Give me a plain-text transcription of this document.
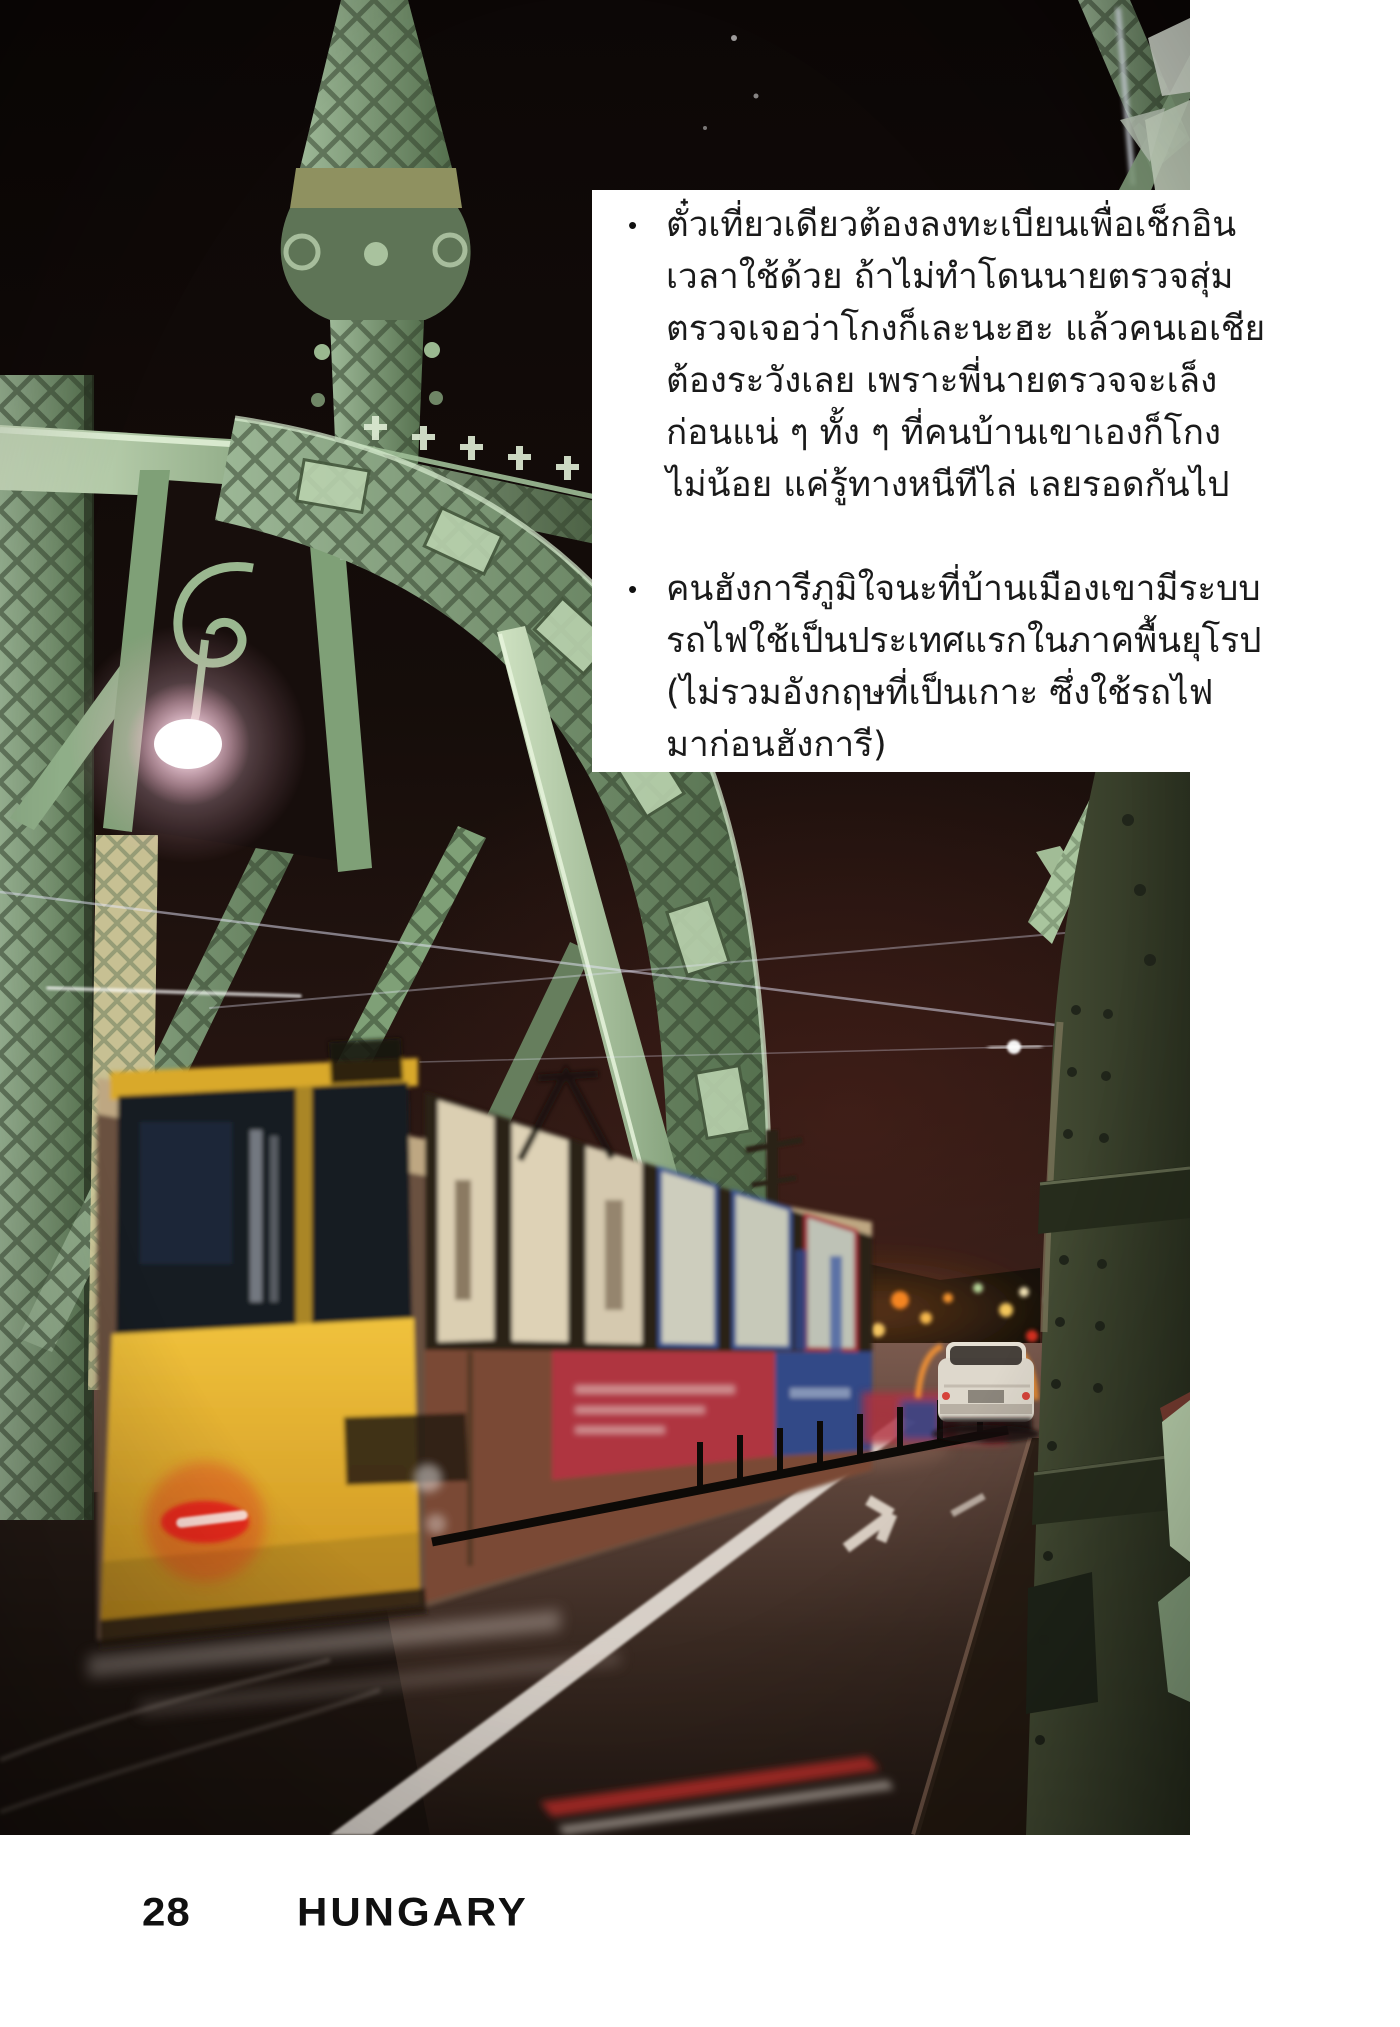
• ตั๋วเที่ยวเดียวต้องลงทะเบียนเพื่อเช็กอิน
เวลาใช้ด้วย ถ้าไม่ทำโดนนายตรวจสุ่ม
ตรวจเจอว่าโกงก็เละนะฮะ แล้วคนเอเชีย
ต้องระวังเลย เพราะพี่นายตรวจจะเล็ง
ก่อนแน่ ๆ ทั้ง ๆ ที่คนบ้านเขาเองก็โกง
ไม่น้อย แค่รู้ทางหนีทีไล่ เลยรอดกันไป
• คนฮังการีภูมิใจนะที่บ้านเมืองเขามีระบบ
รถไฟใช้เป็นประเทศแรกในภาคพื้นยุโรป
(ไม่รวมอังกฤษที่เป็นเกาะ ซึ่งใช้รถไฟ
มาก่อนฮังการี)
28	HUNGARY
